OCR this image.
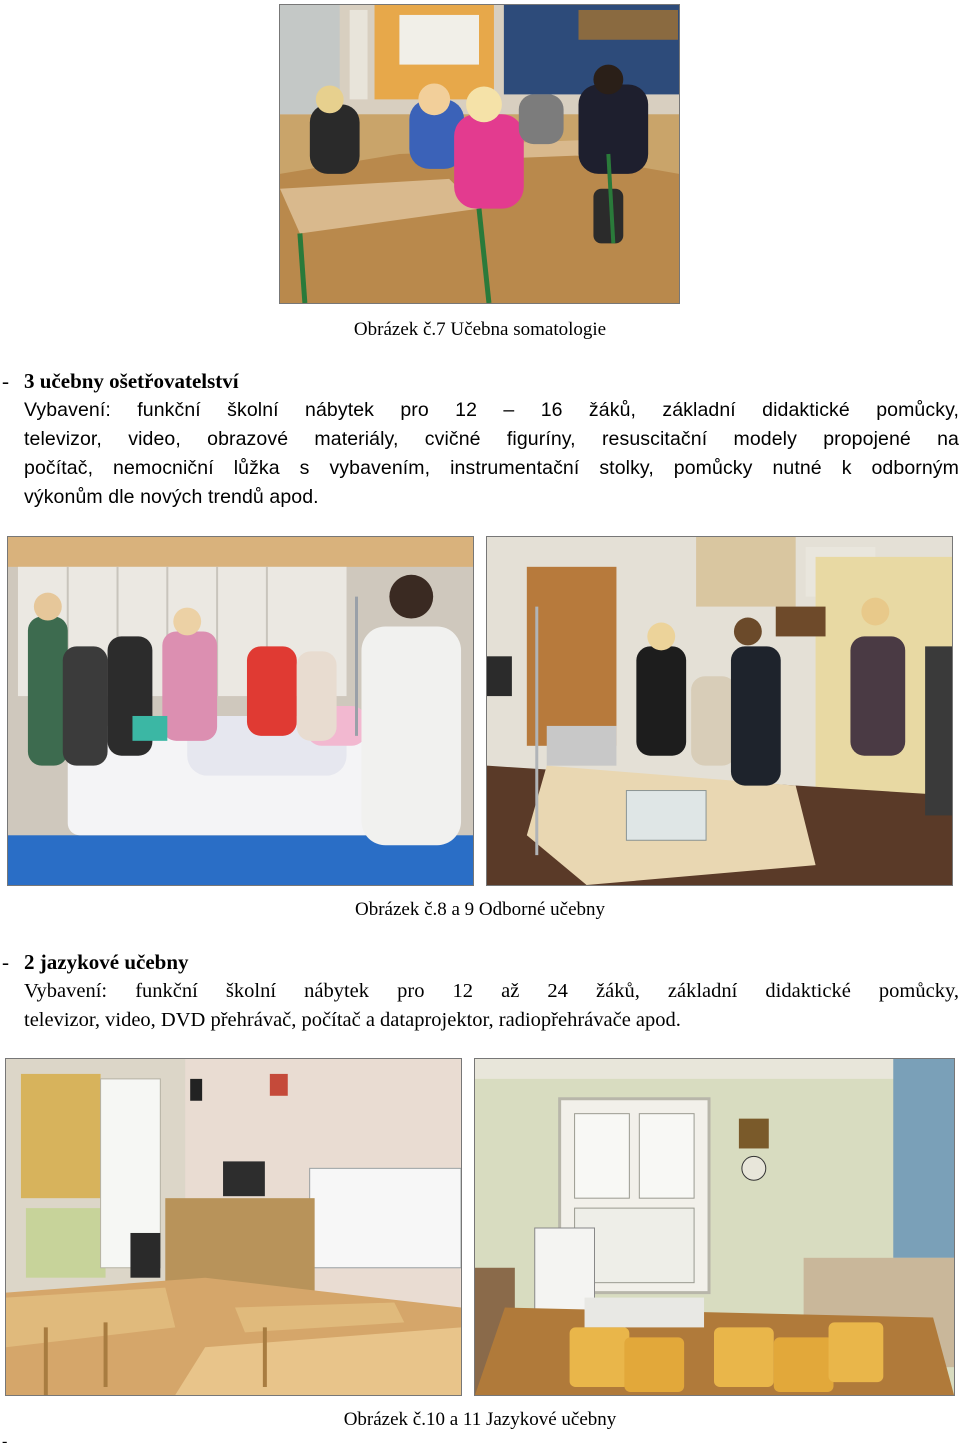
Obrázek č.7 Učebna somatologie
- 3 učebny ošetřovatelství
Vybavení: funkční školní nábytek pro 12 – 16 žáků, základní didaktické pomůcky,
televizor, video, obrazové materiály, cvičné figuríny, resuscitační modely propojené na
počítač, nemocniční lůžka s vybavením, instrumentační stolky, pomůcky nutné k odborným
výkonům dle nových trendů apod.
Obrázek č.8 a 9 Odborné učebny
- 2 jazykové učebny
Vybavení: funkční školní nábytek pro 12 až 24 žáků, základní didaktické pomůcky,
televizor, video, DVD přehrávač, počítač a dataprojektor, radiopřehrávače apod.
Obrázek č.10 a 11 Jazykové učebny
-
